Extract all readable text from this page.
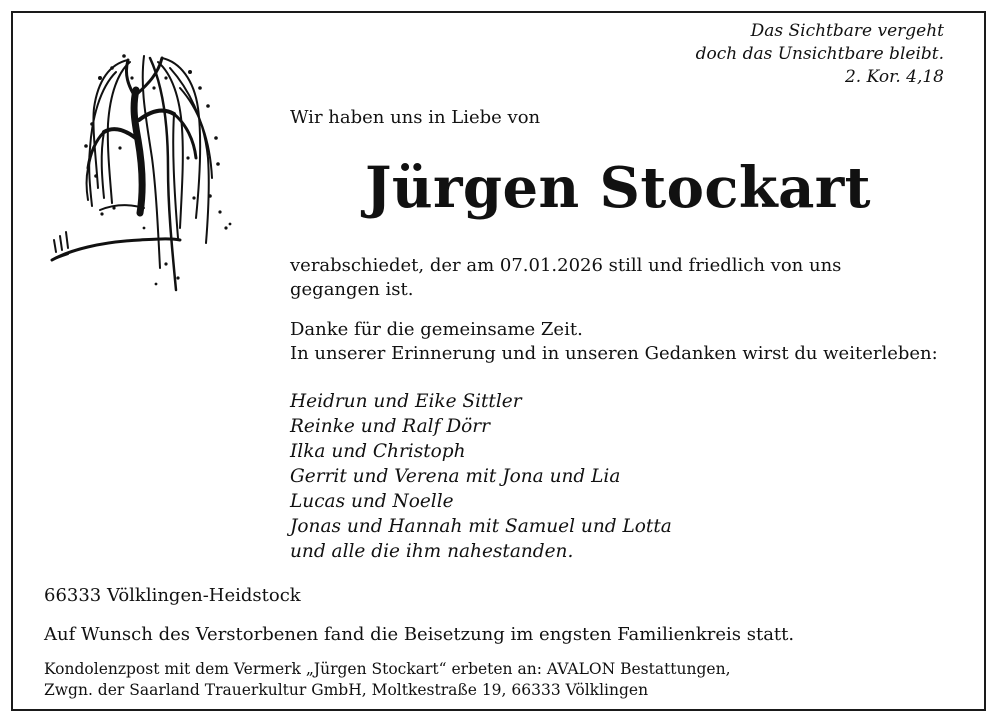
Das Sichtbare vergeht
doch das Unsichtbare bleibt.
2. Kor. 4,18

Wir haben uns in Liebe von

Jürgen Stockart
verabschiedet, der am 07.01.2026 still und friedlich von uns
gegangen ist.
Danke für die gemeinsame Zeit.
In unserer Erinnerung und in unseren Gedanken wirst du weiterleben:
Heidrun und Eike Sittler
Reinke und Ralf Dörr
Ilka und Christoph
Gerrit und Verena mit Jona und Lia
Lucas und Noelle
Jonas und Hannah mit Samuel und Lotta
und alle die ihm nahestanden.

66333 Völklingen-Heidstock

Auf Wunsch des Verstorbenen fand die Beisetzung im engsten Familienkreis statt.

Kondolenzpost mit dem Vermerk „Jürgen Stockart“ erbeten an: AVALON Bestattungen,
Zwgn. der Saarland Trauerkultur GmbH, Moltkestraße 19, 66333 Völklingen
